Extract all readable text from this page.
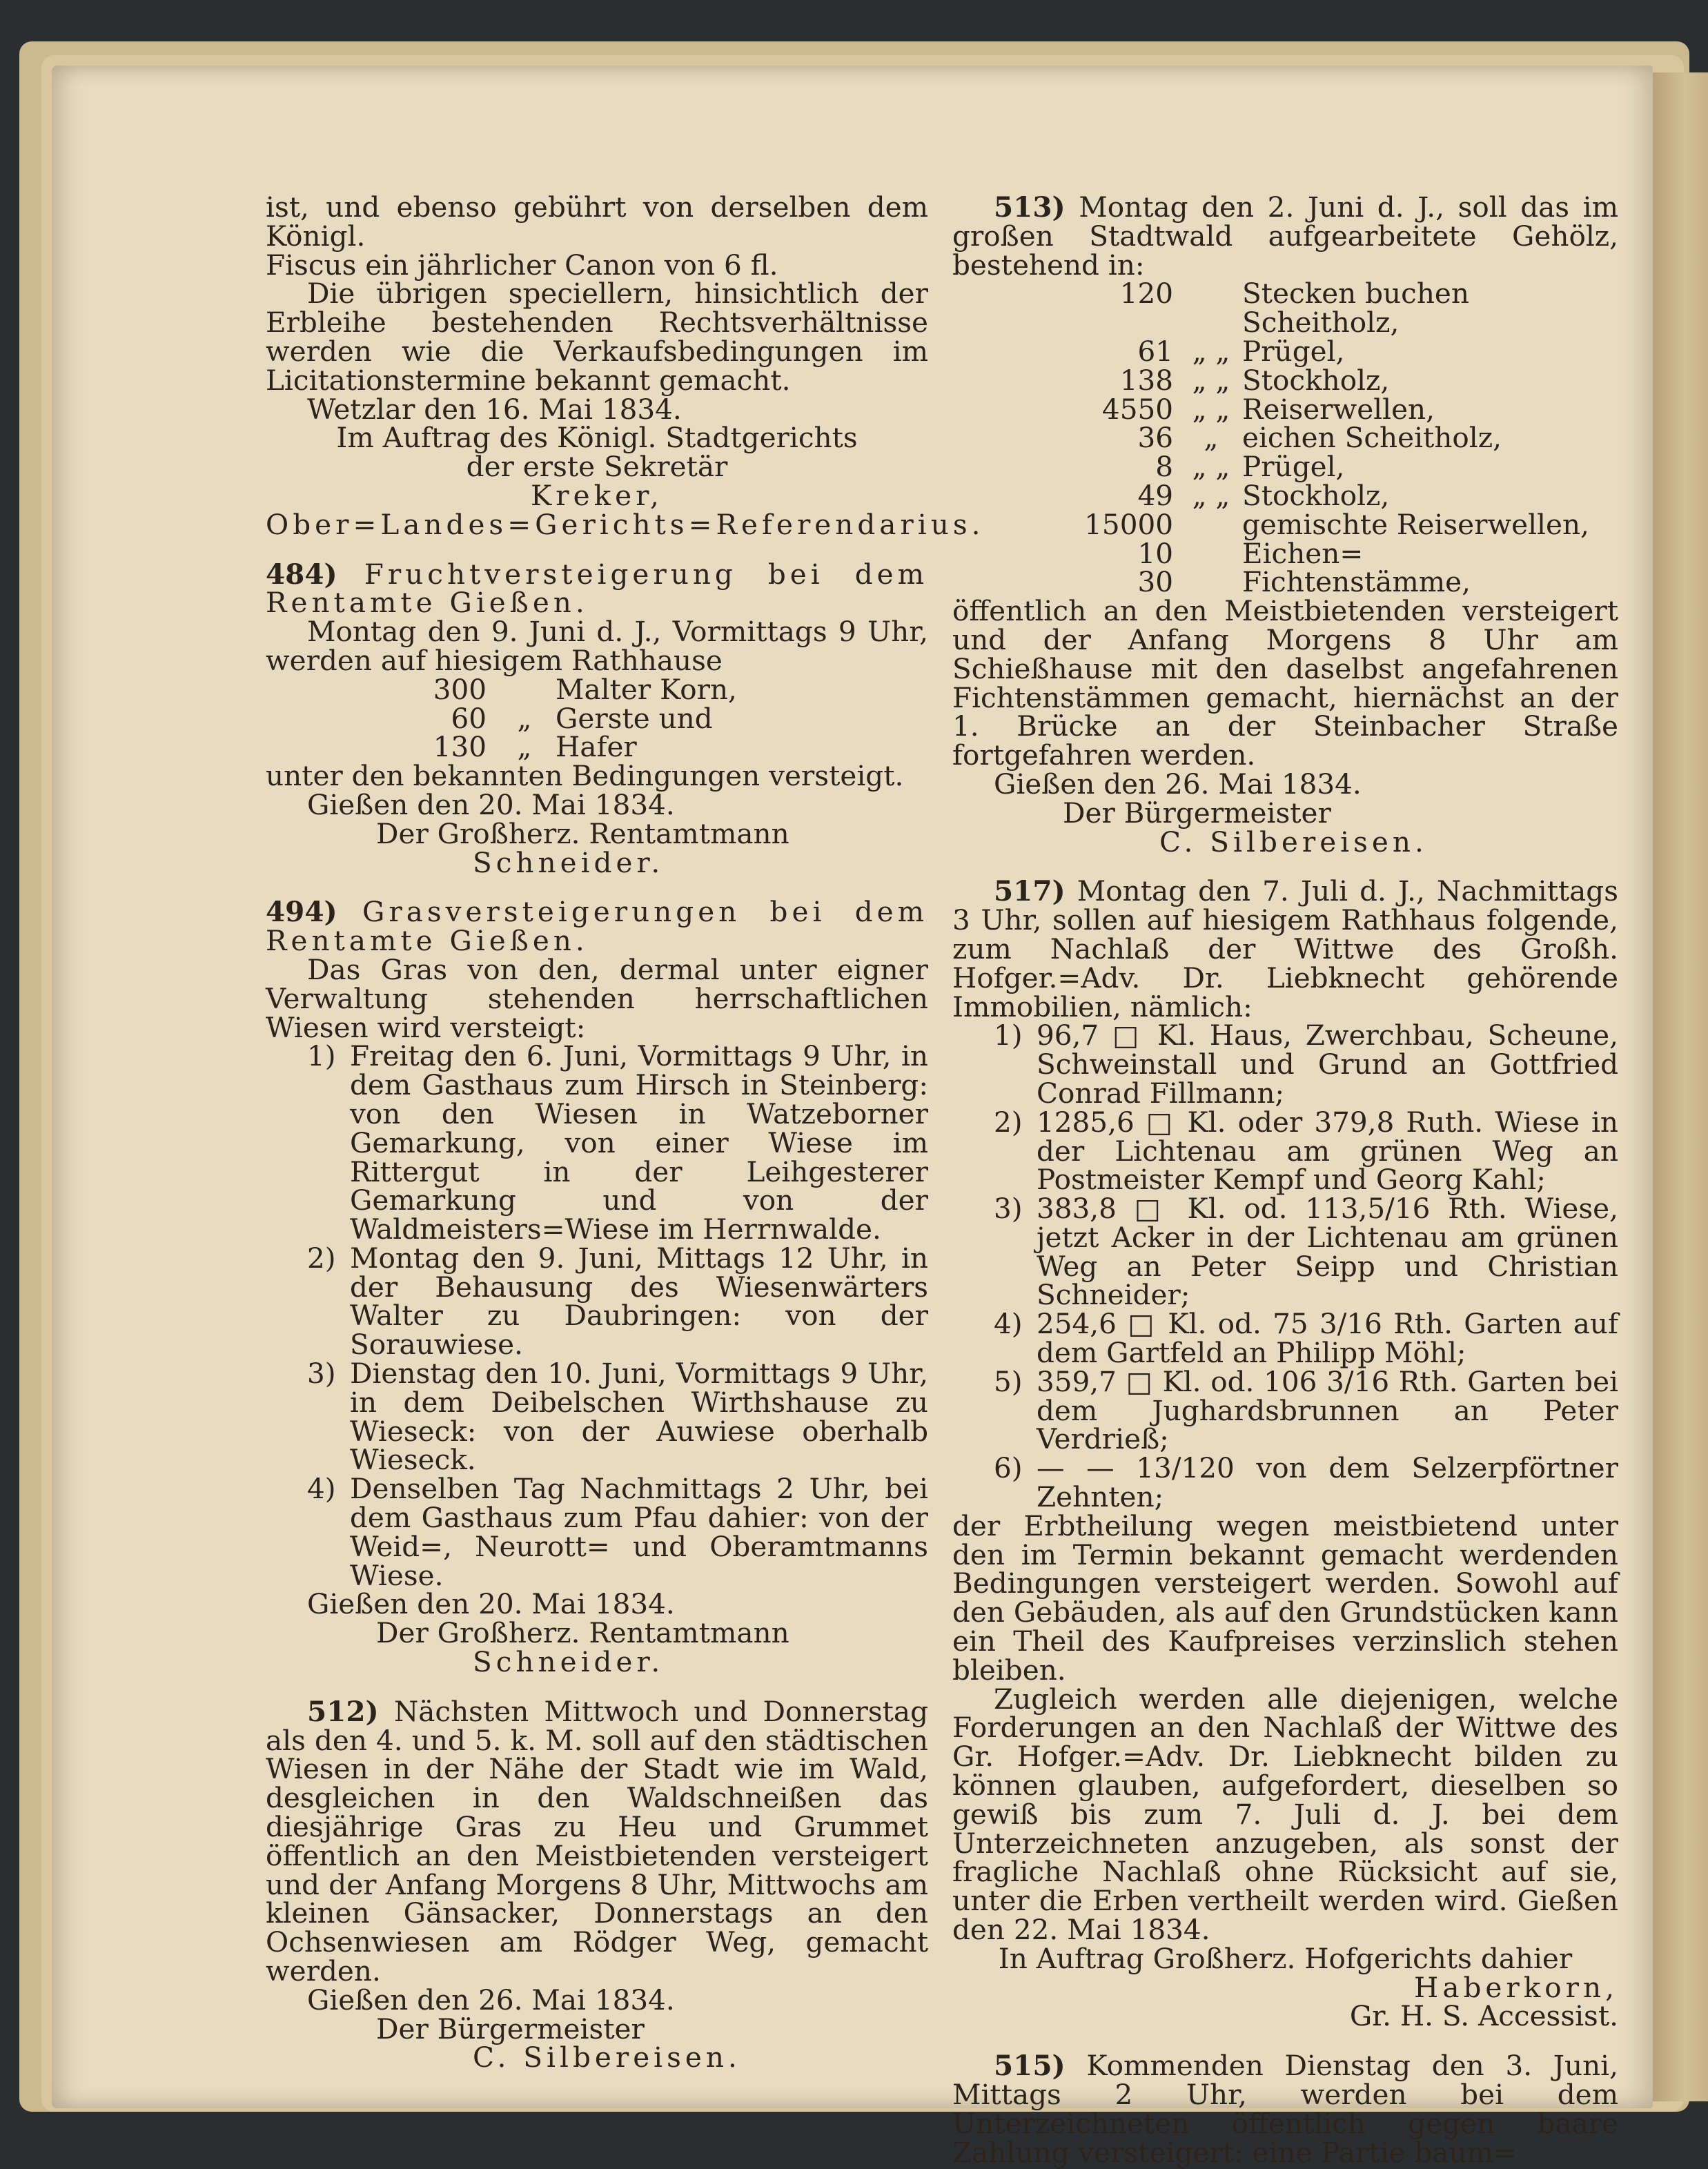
ist, und ebenso gebührt von derselben dem Königl.

Fiscus ein jährlicher Canon von 6 fl.

Die übrigen speciellern, hinsichtlich der Erbleihe bestehenden Rechtsverhältnisse werden wie die Verkaufsbedingungen im Licitationstermine bekannt gemacht.

Wetzlar den 16. Mai 1834.

Im Auftrag des Königl. Stadtgerichts

der erste Sekretär

Kreker, Ober=Landes=Gerichts=Referendarius.

484) Fruchtversteigerung bei dem Rentamte Gießen.

Montag den 9. Juni d. J., Vormittags 9 Uhr, werden auf hiesigem Rathhause

300		Malter Korn,
60	„	Gerste und
130	„	Hafer

unter den bekannten Bedingungen versteigt.

Gießen den 20. Mai 1834.

Der Großherz. Rentamtmann

Schneider.

494) Grasversteigerungen bei dem Rentamte Gießen.

Das Gras von den, dermal unter eigner Verwaltung stehenden herrschaftlichen Wiesen wird versteigt:

1) Freitag den 6. Juni, Vormittags 9 Uhr, in dem Gasthaus zum Hirsch in Steinberg: von den Wiesen in Watzeborner Gemarkung, von einer Wiese im Rittergut in der Leihgesterer Gemarkung und von der Waldmeisters=Wiese im Herrnwalde.
2) Montag den 9. Juni, Mittags 12 Uhr, in der Behausung des Wiesenwärters Walter zu Daubringen: von der Sorauwiese.
3) Dienstag den 10. Juni, Vormittags 9 Uhr, in dem Deibelschen Wirthshause zu Wieseck: von der Auwiese oberhalb Wieseck.
4) Denselben Tag Nachmittags 2 Uhr, bei dem Gasthaus zum Pfau dahier: von der Weid=, Neurott= und Oberamtmanns Wiese.

Gießen den 20. Mai 1834.

Der Großherz. Rentamtmann

Schneider.

512) Nächsten Mittwoch und Donnerstag als den 4. und 5. k. M. soll auf den städtischen Wiesen in der Nähe der Stadt wie im Wald, desgleichen in den Waldschneißen das diesjährige Gras zu Heu und Grummet öffentlich an den Meistbietenden versteigert und der Anfang Morgens 8 Uhr, Mittwochs am kleinen Gänsacker, Donnerstags an den Ochsenwiesen am Rödger Weg, gemacht werden.

Gießen den 26. Mai 1834.

Der Bürgermeister

C. Silbereisen.

513) Montag den 2. Juni d. J., soll das im großen Stadtwald aufgearbeitete Gehölz, bestehend in:

120		Stecken buchen Scheitholz,
61	„ „	Prügel,
138	„ „	Stockholz,
4550	„ „	Reiserwellen,
36	„	eichen Scheitholz,
8	„ „	Prügel,
49	„ „	Stockholz,
15000		gemischte Reiserwellen,
10		Eichen=
30		Fichtenstämme,

öffentlich an den Meistbietenden versteigert und der Anfang Morgens 8 Uhr am Schießhause mit den daselbst angefahrenen Fichtenstämmen gemacht, hiernächst an der 1. Brücke an der Steinbacher Straße fortgefahren werden.

Gießen den 26. Mai 1834.

Der Bürgermeister

C. Silbereisen.

517) Montag den 7. Juli d. J., Nachmittags 3 Uhr, sollen auf hiesigem Rathhaus folgende, zum Nachlaß der Wittwe des Großh. Hofger.=Adv. Dr. Liebknecht gehörende Immobilien, nämlich:

1) 96,7 □ Kl. Haus, Zwerchbau, Scheune, Schweinstall und Grund an Gottfried Conrad Fillmann;
2) 1285,6 □ Kl. oder 379,8 Ruth. Wiese in der Lichtenau am grünen Weg an Postmeister Kempf und Georg Kahl;
3) 383,8 □ Kl. od. 113,5/16 Rth. Wiese, jetzt Acker in der Lichtenau am grünen Weg an Peter Seipp und Christian Schneider;
4) 254,6 □ Kl. od. 75 3/16 Rth. Garten auf dem Gartfeld an Philipp Möhl;
5) 359,7 □ Kl. od. 106 3/16 Rth. Garten bei dem Jughardsbrunnen an Peter Verdrieß;
6) — — 13/120 von dem Selzerpförtner Zehnten;

der Erbtheilung wegen meistbietend unter den im Termin bekannt gemacht werdenden Bedingungen versteigert werden. Sowohl auf den Gebäuden, als auf den Grundstücken kann ein Theil des Kaufpreises verzinslich stehen bleiben.

Zugleich werden alle diejenigen, welche Forderungen an den Nachlaß der Wittwe des Gr. Hofger.=Adv. Dr. Liebknecht bilden zu können glauben, aufgefordert, dieselben so gewiß bis zum 7. Juli d. J. bei dem Unterzeichneten anzugeben, als sonst der fragliche Nachlaß ohne Rücksicht auf sie, unter die Erben vertheilt werden wird. Gießen den 22. Mai 1834.

In Auftrag Großherz. Hofgerichts dahier

Haberkorn,

Gr. H. S. Accessist.

515) Kommenden Dienstag den 3. Juni, Mittags 2 Uhr, werden bei dem Unterzeichneten öffentlich gegen baare Zahlung versteigert: eine Partie baum=
